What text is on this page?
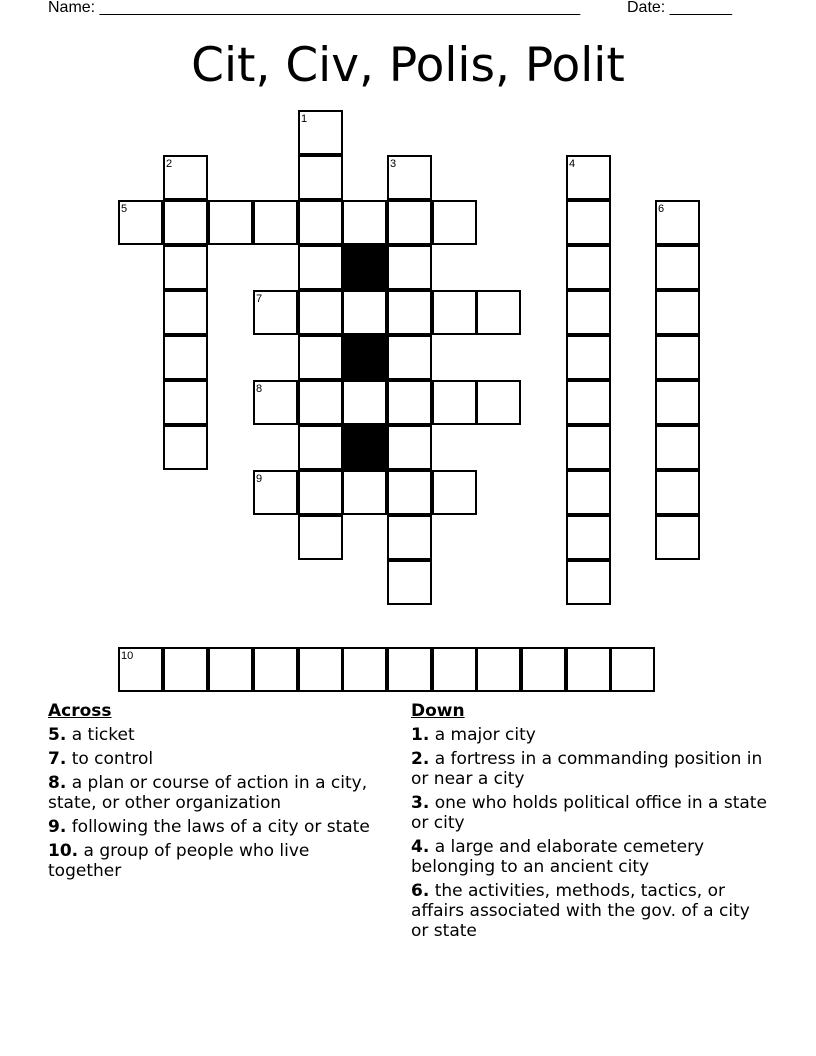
Name: ______________________________________________________	Date: _______
Cit, Civ, Polis, Polit
1
2	3	4
5	6
7
8
9
10
Across
5. a ticket
7. to control
8. a plan or course of action in a city, state, or other organization
9. following the laws of a city or state
10. a group of people who live together
Down
1. a major city
2. a fortress in a commanding position in or near a city
3. one who holds political office in a state or city
4. a large and elaborate cemetery belonging to an ancient city
6. the activities, methods, tactics, or affairs associated with the gov. of a city or state
